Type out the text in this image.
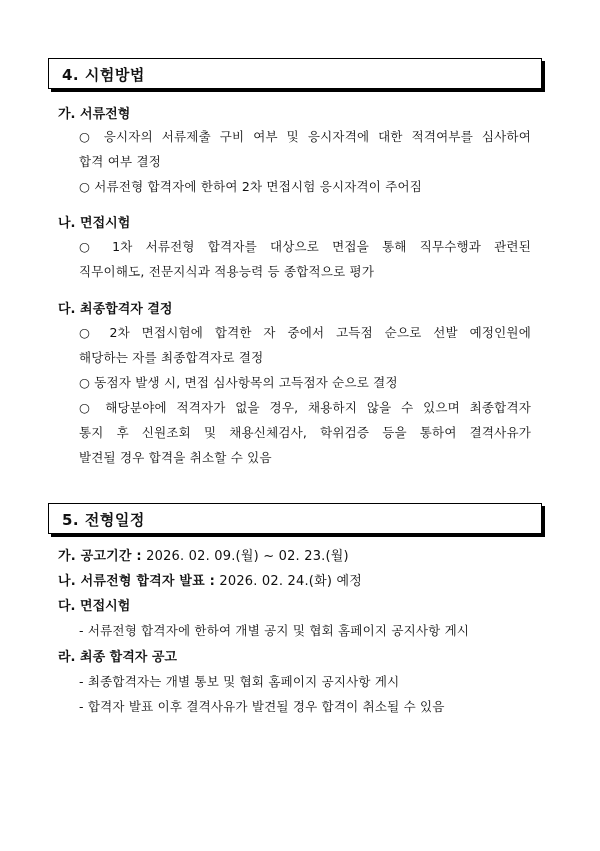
4. 시험방법
가. 서류전형
○ 응시자의 서류제출 구비 여부 및 응시자격에 대한 적격여부를 심사하여
합격 여부 결정
○ 서류전형 합격자에 한하여 2차 면접시험 응시자격이 주어짐
나. 면접시험
○ 1차 서류전형 합격자를 대상으로 면접을 통해 직무수행과 관련된
직무이해도, 전문지식과 적용능력 등 종합적으로 평가
다. 최종합격자 결정
○ 2차 면접시험에 합격한 자 중에서 고득점 순으로 선발 예정인원에
해당하는 자를 최종합격자로 결정
○ 동점자 발생 시, 면접 심사항목의 고득점자 순으로 결정
○ 해당분야에 적격자가 없을 경우, 채용하지 않을 수 있으며 최종합격자
통지 후 신원조회 및 채용신체검사, 학위검증 등을 통하여 결격사유가
발견될 경우 합격을 취소할 수 있음
5. 전형일정
가. 공고기간 : 2026. 02. 09.(월) ~ 02. 23.(월)
나. 서류전형 합격자 발표 : 2026. 02. 24.(화) 예정
다. 면접시험
- 서류전형 합격자에 한하여 개별 공지 및 협회 홈페이지 공지사항 게시
라. 최종 합격자 공고
- 최종합격자는 개별 통보 및 협회 홈페이지 공지사항 게시
- 합격자 발표 이후 결격사유가 발견될 경우 합격이 취소될 수 있음
